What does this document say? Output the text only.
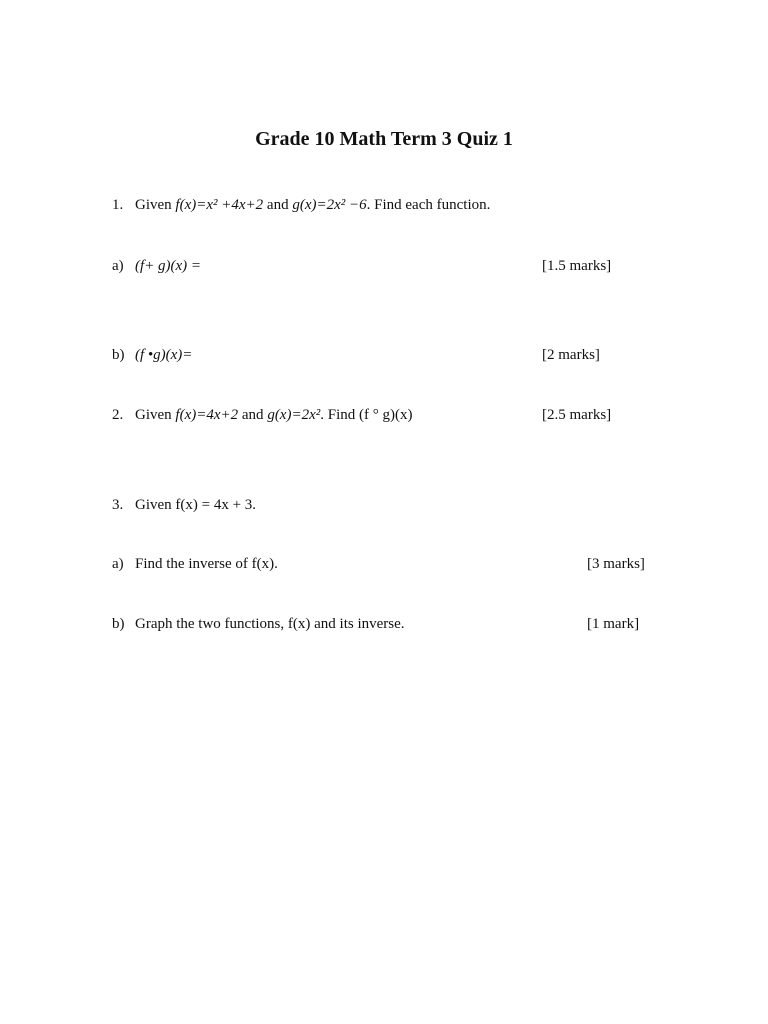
Grade 10 Math Term 3 Quiz 1
1. Given f(x)=x² +4x+2 and g(x)=2x² −6. Find each function.
a) (f+ g)(x) =	[1.5 marks]
b) (f •g)(x)=	[2 marks]
2. Given f(x)=4x+2 and g(x)=2x². Find (f ° g)(x)	[2.5 marks]
3. Given f(x) = 4x + 3.
a) Find the inverse of f(x).	[3 marks]
b) Graph the two functions, f(x) and its inverse.	[1 mark]
